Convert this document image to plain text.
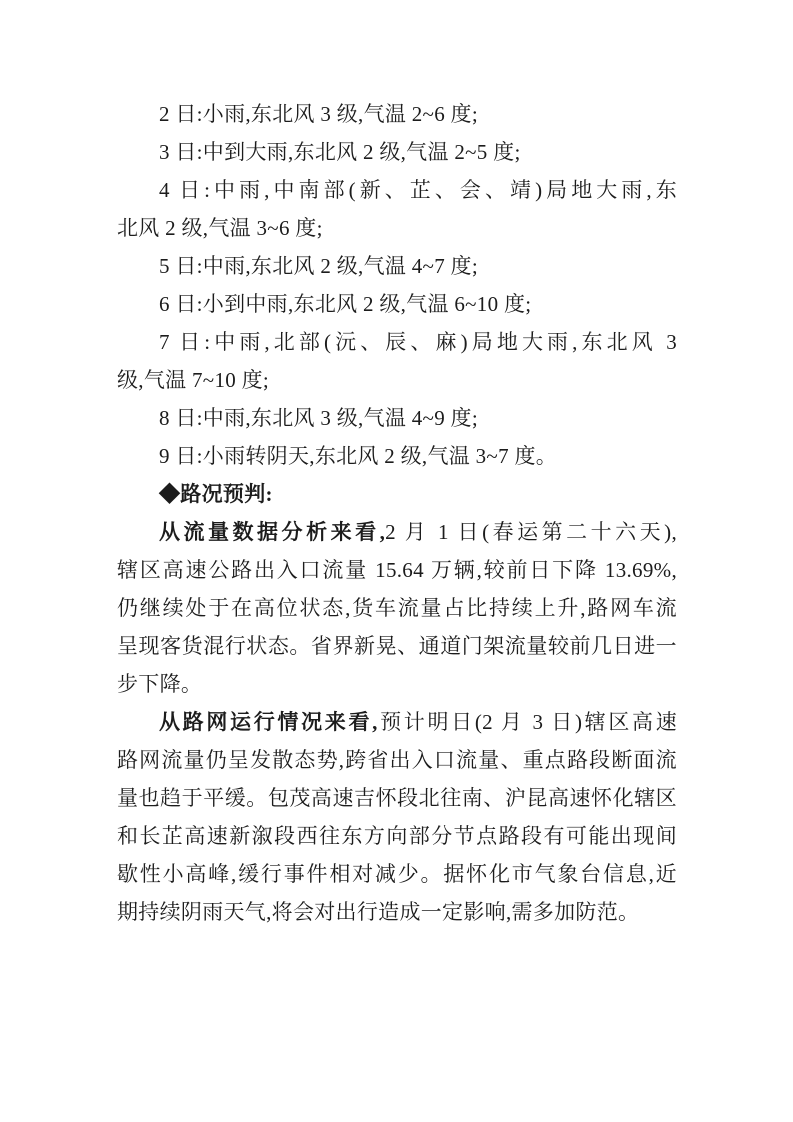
2 日:小雨,东北风 3 级,气温 2~6 度;
3 日:中到大雨,东北风 2 级,气温 2~5 度;
4 日:中雨,中南部(新、芷、会、靖)局地大雨,东
北风 2 级,气温 3~6 度;
5 日:中雨,东北风 2 级,气温 4~7 度;
6 日:小到中雨,东北风 2 级,气温 6~10 度;
7 日:中雨,北部(沅、辰、麻)局地大雨,东北风 3
级,气温 7~10 度;
8 日:中雨,东北风 3 级,气温 4~9 度;
9 日:小雨转阴天,东北风 2 级,气温 3~7 度。
◆路况预判:
从流量数据分析来看,2 月 1 日(春运第二十六天),
辖区高速公路出入口流量 15.64 万辆,较前日下降 13.69%,
仍继续处于在高位状态,货车流量占比持续上升,路网车流
呈现客货混行状态。省界新晃、通道门架流量较前几日进一
步下降。
从路网运行情况来看,预计明日(2 月 3 日)辖区高速
路网流量仍呈发散态势,跨省出入口流量、重点路段断面流
量也趋于平缓。包茂高速吉怀段北往南、沪昆高速怀化辖区
和长芷高速新溆段西往东方向部分节点路段有可能出现间
歇性小高峰,缓行事件相对减少。据怀化市气象台信息,近
期持续阴雨天气,将会对出行造成一定影响,需多加防范。
